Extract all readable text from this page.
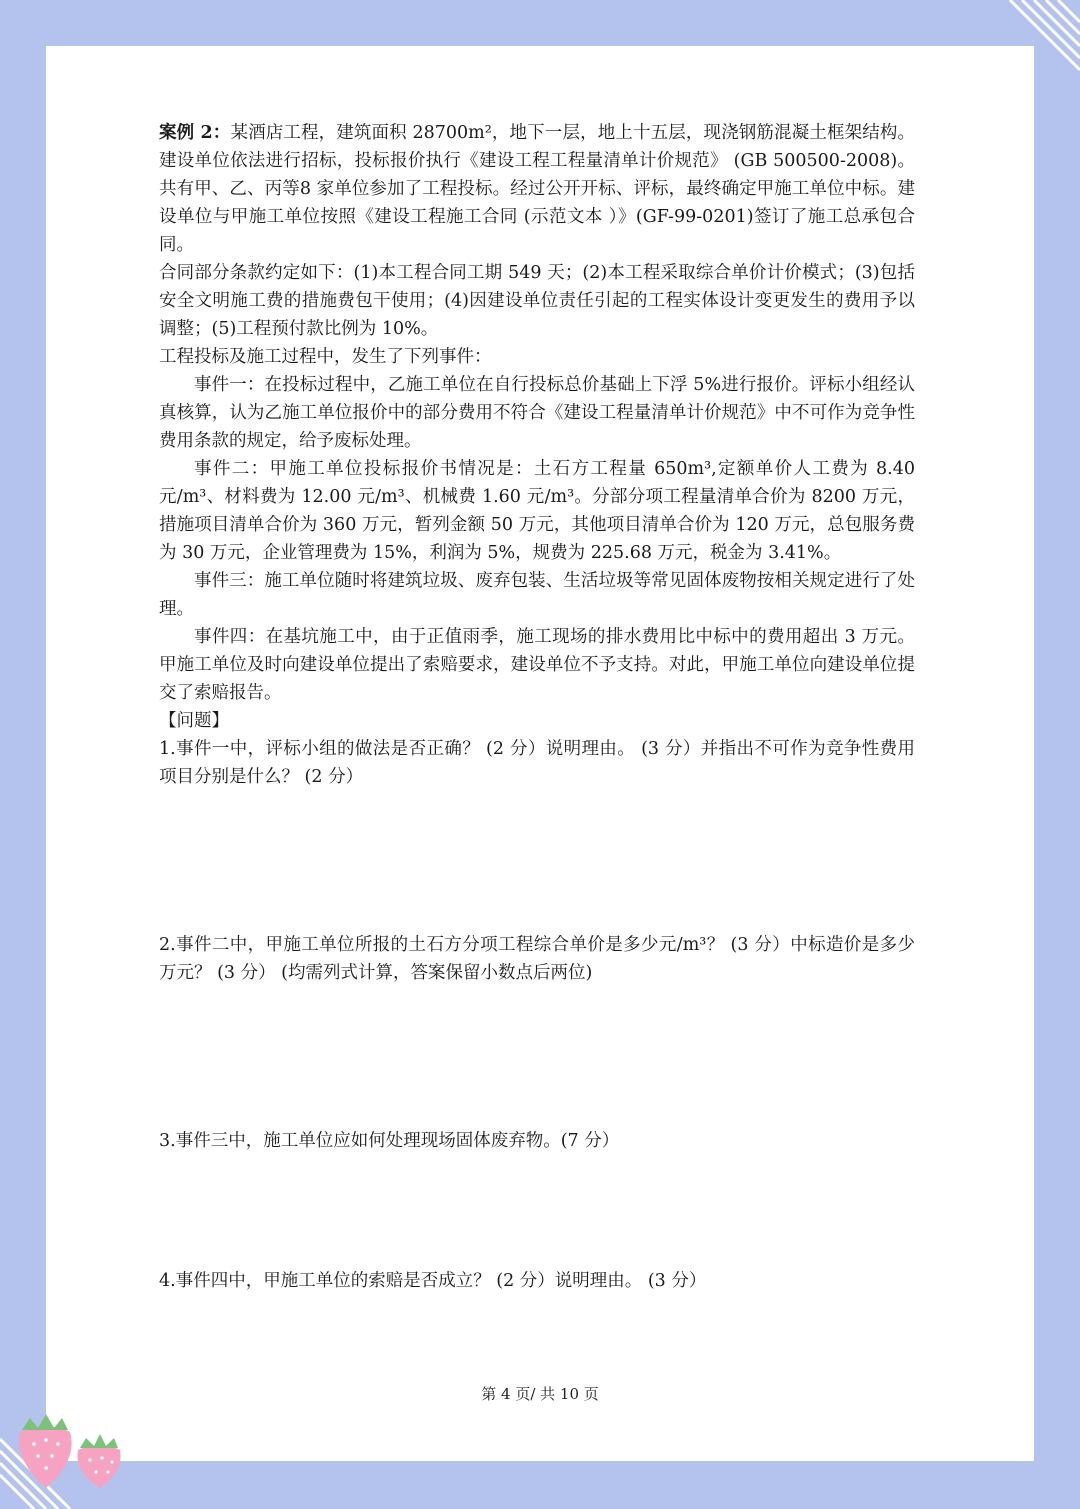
案例 2：某酒店工程，建筑面积 28700m²，地下一层，地上十五层，现浇钢筋混凝土框架结构。建设单位依法进行招标，投标报价执行《建设工程工程量清单计价规范》 (GB 500500-2008)。共有甲、乙、丙等8 家单位参加了工程投标。经过公开开标、评标，最终确定甲施工单位中标。建设单位与甲施工单位按照《建设工程施工合同 (示范文本 ）》(GF-99-0201)签订了施工总承包合同。

合同部分条款约定如下：(1)本工程合同工期 549 天；(2)本工程采取综合单价计价模式；(3)包括安全文明施工费的措施费包干使用；(4)因建设单位责任引起的工程实体设计变更发生的费用予以调整；(5)工程预付款比例为 10%。

工程投标及施工过程中，发生了下列事件：

事件一：在投标过程中，乙施工单位在自行投标总价基础上下浮 5%进行报价。评标小组经认真核算，认为乙施工单位报价中的部分费用不符合《建设工程量清单计价规范》中不可作为竞争性费用条款的规定，给予废标处理。

事件二：甲施工单位投标报价书情况是：土石方工程量 650m³,定额单价人工费为 8.40 元/m³、材料费为 12.00 元/m³、机械费 1.60 元/m³。分部分项工程量清单合价为 8200 万元，措施项目清单合价为 360 万元，暂列金额 50 万元，其他项目清单合价为 120 万元，总包服务费为 30 万元，企业管理费为 15%，利润为 5%，规费为 225.68 万元，税金为 3.41%。

事件三：施工单位随时将建筑垃圾、废弃包装、生活垃圾等常见固体废物按相关规定进行了处理。

事件四：在基坑施工中，由于正值雨季，施工现场的排水费用比中标中的费用超出 3 万元。甲施工单位及时向建设单位提出了索赔要求，建设单位不予支持。对此，甲施工单位向建设单位提交了索赔报告。

【问题】

1.事件一中，评标小组的做法是否正确？ (2 分）说明理由。 (3 分）并指出不可作为竞争性费用项目分别是什么？ (2 分）

2.事件二中，甲施工单位所报的土石方分项工程综合单价是多少元/m³？ (3 分）中标造价是多少万元？ (3 分） (均需列式计算，答案保留小数点后两位)

3.事件三中，施工单位应如何处理现场固体废弃物。(7 分）

4.事件四中，甲施工单位的索赔是否成立？ (2 分）说明理由。 (3 分）

第 4 页/ 共 10 页
